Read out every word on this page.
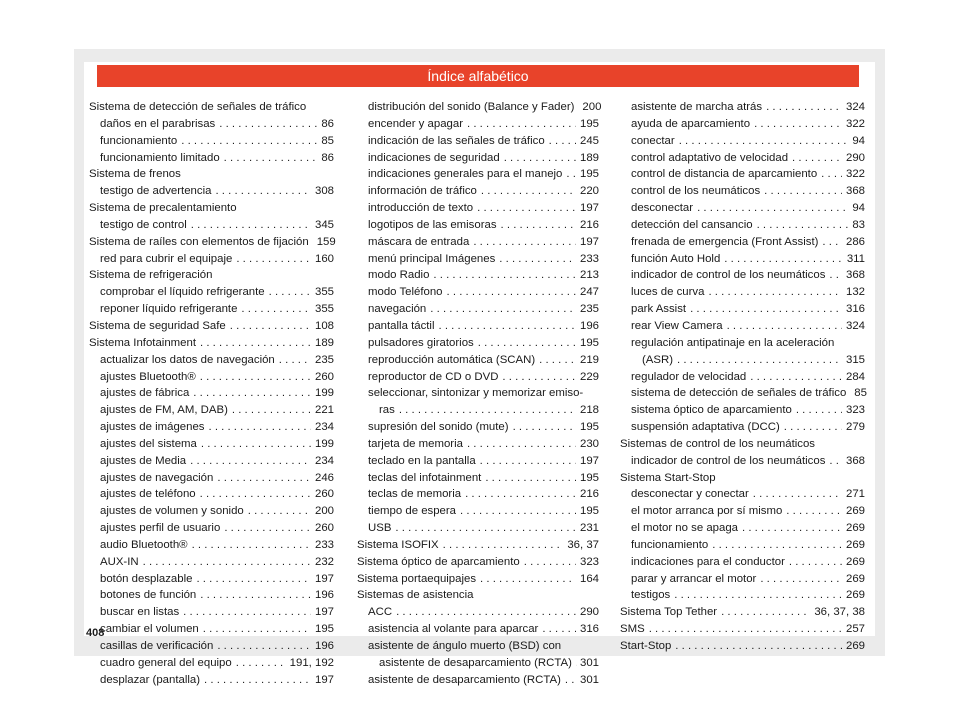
Índice alfabético
Sistema de detección de señales de tráfico
daños en el parabrisas . . .	86
funcionamiento . . .	85
funcionamiento limitado . . .	86
Sistema de frenos
testigo de advertencia . . .	308
Sistema de precalentamiento
testigo de control . . .	345
Sistema de raíles con elementos de fijación 159
red para cubrir el equipaje . . .	160
Sistema de refrigeración
comprobar el líquido refrigerante . . .	355
reponer líquido refrigerante . . .	355
Sistema de seguridad Safe . . .	108
Sistema Infotainment . . .	189
actualizar los datos de navegación . . .	235
ajustes Bluetooth® . . .	260
ajustes de fábrica . . .	199
ajustes de FM, AM, DAB) . . .	221
ajustes de imágenes . . .	234
ajustes del sistema . . .	199
ajustes de Media . . .	234
ajustes de navegación . . .	246
ajustes de teléfono . . .	260
ajustes de volumen y sonido . . .	200
ajustes perfil de usuario . . .	260
audio Bluetooth® . . .	233
AUX-IN . . .	232
botón desplazable . . .	197
botones de función . . .	196
buscar en listas . . .	197
cambiar el volumen . . .	195
casillas de verificación . . .	196
cuadro general del equipo . . .	191, 192
desplazar (pantalla) . . .	197
distribución del sonido (Balance y Fader) 200
encender y apagar . . .	195
indicación de las señales de tráfico . . .	245
indicaciones de seguridad . . .	189
indicaciones generales para el manejo . . . 195
información de tráfico . . .	220
introducción de texto . . .	197
logotipos de las emisoras . . .	216
máscara de entrada . . .	197
menú principal Imágenes . . .	233
modo Radio . . .	213
modo Teléfono . . .	247
navegación . . .	235
pantalla táctil . . .	196
pulsadores giratorios . . .	195
reproducción automática (SCAN) . . .	219
reproductor de CD o DVD . . .	229
seleccionar, sintonizar y memorizar emiso-
ras . . .	218
supresión del sonido (mute) . . .	195
tarjeta de memoria . . .	230
teclado en la pantalla . . .	197
teclas del infotainment . . .	195
teclas de memoria . . .	216
tiempo de espera . . .	195
USB . . .	231
Sistema ISOFIX . . .	36, 37
Sistema óptico de aparcamiento . . .	323
Sistema portaequipajes . . .	164
Sistemas de asistencia
ACC . . .	290
asistencia al volante para aparcar . . .	316
asistente de ángulo muerto (BSD) con
asistente de desaparcamiento (RCTA) . . . 301
asistente de desaparcamiento (RCTA) . . . 301
asistente de marcha atrás . . .	324
ayuda de aparcamiento . . .	322
conectar . . .	94
control adaptativo de velocidad . . .	290
control de distancia de aparcamiento . . .	322
control de los neumáticos . . .	368
desconectar . . .	94
detección del cansancio . . .	83
frenada de emergencia (Front Assist) . . . 286
función Auto Hold . . .	311
indicador de control de los neumáticos . . . 368
luces de curva . . .	132
park Assist . . .	316
rear View Camera . . .	324
regulación antipatinaje en la aceleración
(ASR) . . .	315
regulador de velocidad . . .	284
sistema de detección de señales de tráfico 85
sistema óptico de aparcamiento . . .	323
suspensión adaptativa (DCC) . . .	279
Sistemas de control de los neumáticos
indicador de control de los neumáticos . . . 368
Sistema Start-Stop
desconectar y conectar . . .	271
el motor arranca por sí mismo . . .	269
el motor no se apaga . . .	269
funcionamiento . . .	269
indicaciones para el conductor . . .	269
parar y arrancar el motor . . .	269
testigos . . .	269
Sistema Top Tether . . .	36, 37, 38
SMS . . .	257
Start-Stop . . .	269
408
